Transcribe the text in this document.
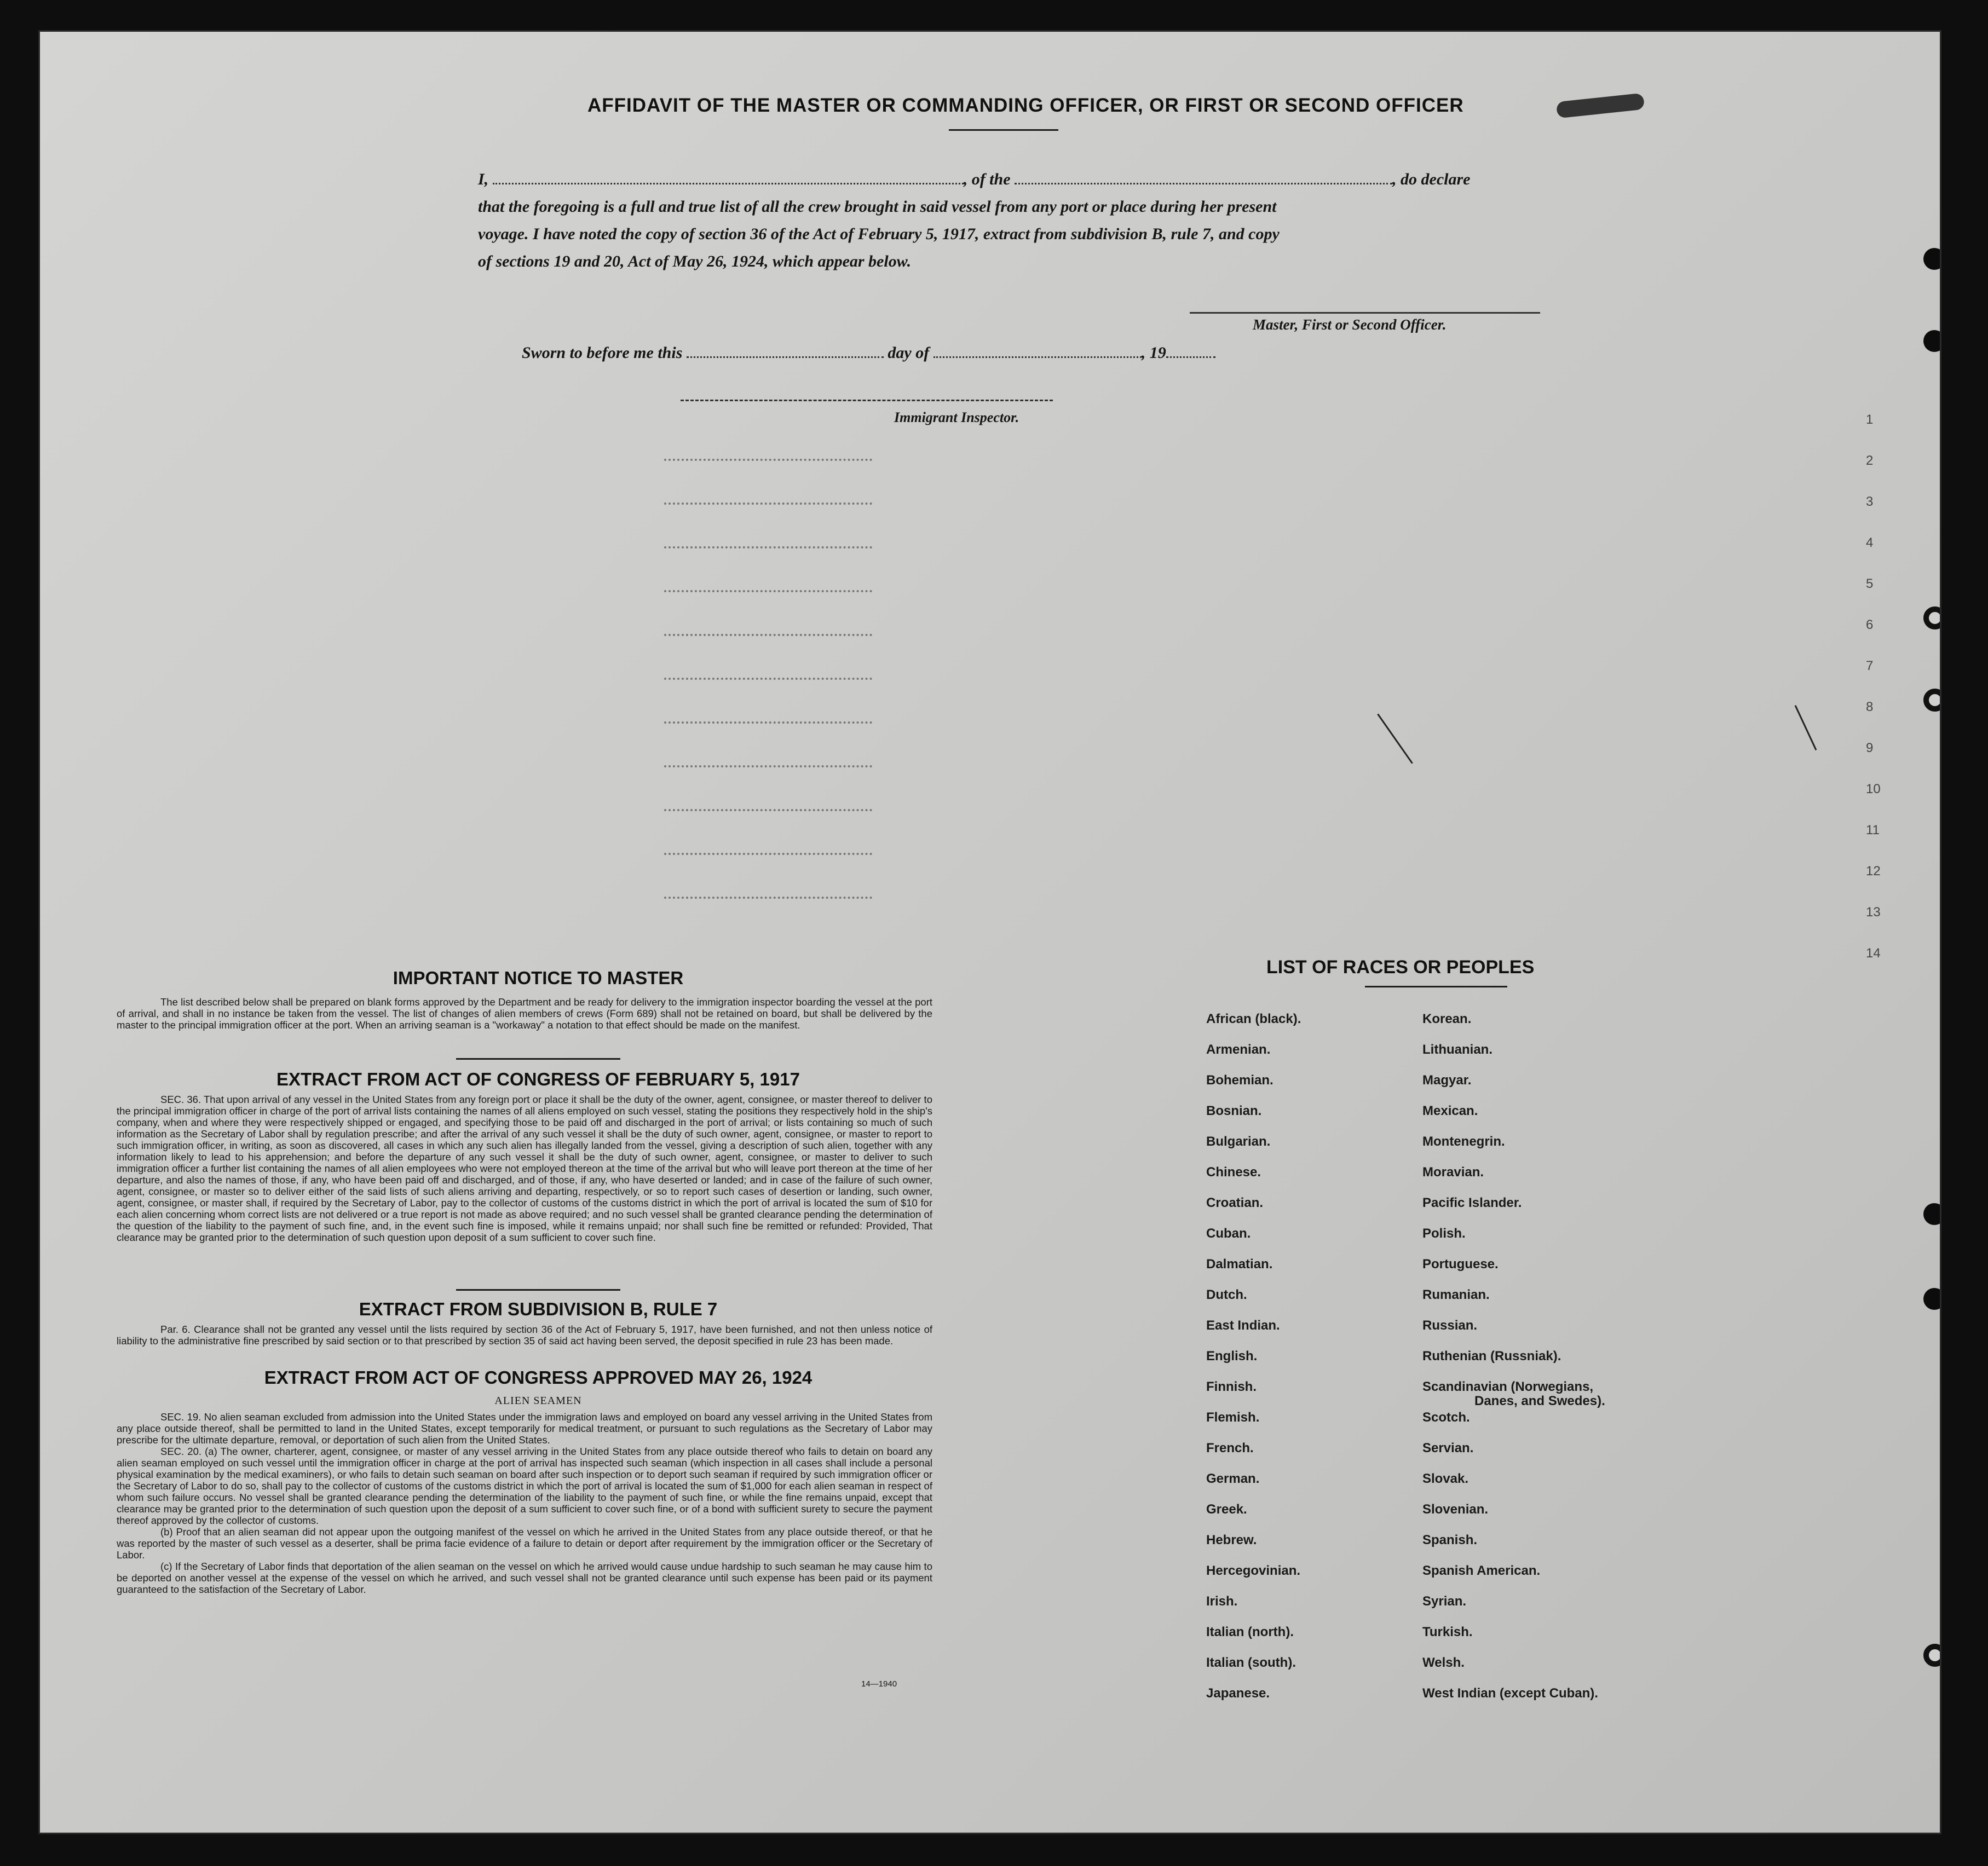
AFFIDAVIT OF THE MASTER OR COMMANDING OFFICER, OR FIRST OR SECOND OFFICER
I,	, of the	, do declare
that the foregoing is a full and true list of all the crew brought in said vessel from any port or place during her present
voyage. I have noted the copy of section 36 of the Act of February 5, 1917, extract from subdivision B, rule 7, and copy
of sections 19 and 20, Act of May 26, 1924, which appear below.
Master, First or Second Officer.
Sworn to before me this	day of	, 19
Immigrant Inspector.
IMPORTANT NOTICE TO MASTER
The list described below shall be prepared on blank forms approved by the Department and be ready for delivery to the immigration inspector boarding the vessel at the port of arrival, and shall in no instance be taken from the vessel. The list of changes of alien members of crews (Form 689) shall not be retained on board, but shall be delivered by the master to the principal immigration officer at the port. When an arriving seaman is a "workaway" a notation to that effect should be made on the manifest.
EXTRACT FROM ACT OF CONGRESS OF FEBRUARY 5, 1917
SEC. 36. That upon arrival of any vessel in the United States from any foreign port or place it shall be the duty of the owner, agent, consignee, or master thereof to deliver to the principal immigration officer in charge of the port of arrival lists containing the names of all aliens employed on such vessel, stating the positions they respectively hold in the ship's company, when and where they were respectively shipped or engaged, and specifying those to be paid off and discharged in the port of arrival; or lists containing so much of such information as the Secretary of Labor shall by regulation prescribe; and after the arrival of any such vessel it shall be the duty of such owner, agent, consignee, or master to report to such immigration officer, in writing, as soon as discovered, all cases in which any such alien has illegally landed from the vessel, giving a description of such alien, together with any information likely to lead to his apprehension; and before the departure of any such vessel it shall be the duty of such owner, agent, consignee, or master to deliver to such immigration officer a further list containing the names of all alien employees who were not employed thereon at the time of the arrival but who will leave port thereon at the time of her departure, and also the names of those, if any, who have been paid off and discharged, and of those, if any, who have deserted or landed; and in case of the failure of such owner, agent, consignee, or master so to deliver either of the said lists of such aliens arriving and departing, respectively, or so to report such cases of desertion or landing, such owner, agent, consignee, or master shall, if required by the Secretary of Labor, pay to the collector of customs of the customs district in which the port of arrival is located the sum of $10 for each alien concerning whom correct lists are not delivered or a true report is not made as above required; and no such vessel shall be granted clearance pending the determination of the question of the liability to the payment of such fine, and, in the event such fine is imposed, while it remains unpaid; nor shall such fine be remitted or refunded: Provided, That clearance may be granted prior to the determination of such question upon deposit of a sum sufficient to cover such fine.
EXTRACT FROM SUBDIVISION B, RULE 7
Par. 6. Clearance shall not be granted any vessel until the lists required by section 36 of the Act of February 5, 1917, have been furnished, and not then unless notice of liability to the administrative fine prescribed by said section or to that prescribed by section 35 of said act having been served, the deposit specified in rule 23 has been made.
EXTRACT FROM ACT OF CONGRESS APPROVED MAY 26, 1924
ALIEN SEAMEN
SEC. 19. No alien seaman excluded from admission into the United States under the immigration laws and employed on board any vessel arriving in the United States from any place outside thereof, shall be permitted to land in the United States, except temporarily for medical treatment, or pursuant to such regulations as the Secretary of Labor may prescribe for the ultimate departure, removal, or deportation of such alien from the United States.
SEC. 20. (a) The owner, charterer, agent, consignee, or master of any vessel arriving in the United States from any place outside thereof who fails to detain on board any alien seaman employed on such vessel until the immigration officer in charge at the port of arrival has inspected such seaman (which inspection in all cases shall include a personal physical examination by the medical examiners), or who fails to detain such seaman on board after such inspection or to deport such seaman if required by such immigration officer or the Secretary of Labor to do so, shall pay to the collector of customs of the customs district in which the port of arrival is located the sum of $1,000 for each alien seaman in respect of whom such failure occurs. No vessel shall be granted clearance pending the determination of the liability to the payment of such fine, or while the fine remains unpaid, except that clearance may be granted prior to the determination of such question upon the deposit of a sum sufficient to cover such fine, or of a bond with sufficient surety to secure the payment thereof approved by the collector of customs.
(b) Proof that an alien seaman did not appear upon the outgoing manifest of the vessel on which he arrived in the United States from any place outside thereof, or that he was reported by the master of such vessel as a deserter, shall be prima facie evidence of a failure to detain or deport after requirement by the immigration officer or the Secretary of Labor.
(c) If the Secretary of Labor finds that deportation of the alien seaman on the vessel on which he arrived would cause undue hardship to such seaman he may cause him to be deported on another vessel at the expense of the vessel on which he arrived, and such vessel shall not be granted clearance until such expense has been paid or its payment guaranteed to the satisfaction of the Secretary of Labor.
14—1940
LIST OF RACES OR PEOPLES
African (black).
Armenian.
Bohemian.
Bosnian.
Bulgarian.
Chinese.
Croatian.
Cuban.
Dalmatian.
Dutch.
East Indian.
English.
Finnish.
Flemish.
French.
German.
Greek.
Hebrew.
Hercegovinian.
Irish.
Italian (north).
Italian (south).
Japanese.
Korean.
Lithuanian.
Magyar.
Mexican.
Montenegrin.
Moravian.
Pacific Islander.
Polish.
Portuguese.
Rumanian.
Russian.
Ruthenian (Russniak).
Scandinavian (Norwegians,
Danes, and Swedes).
Scotch.
Servian.
Slovak.
Slovenian.
Spanish.
Spanish American.
Syrian.
Turkish.
Welsh.
West Indian (except Cuban).
1
2
3
4
5
6
7
8
9
10
11
12
13
14
